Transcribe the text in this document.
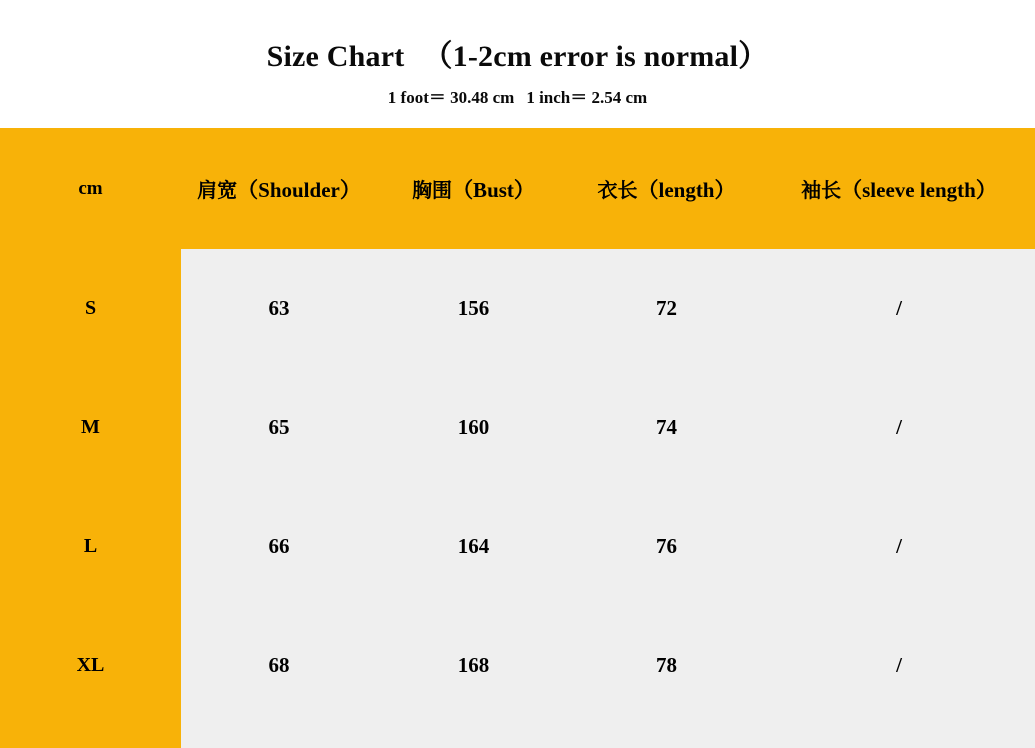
Size Chart （1-2cm error is normal）
1 foot＝ 30.48 cm 1 inch＝ 2.54 cm
cm	肩宽（Shoulder）	胸围（Bust）	衣长（length）	袖长（sleeve length）
S	63	156	72	/
M	65	160	74	/
L	66	164	76	/
XL	68	168	78	/
